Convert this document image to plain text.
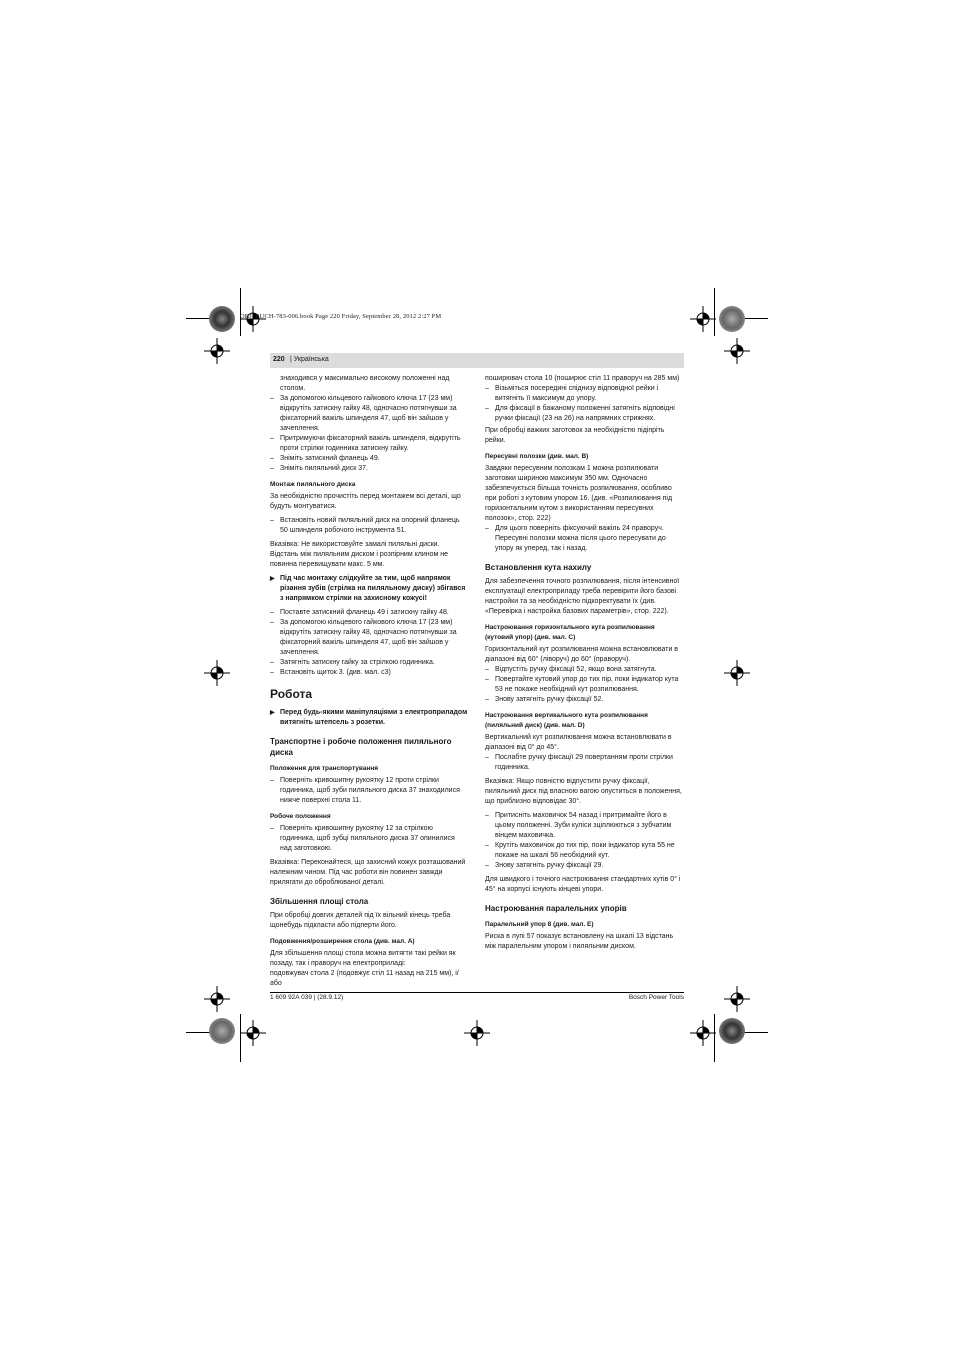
OBJ_BUCH-783-006.book Page 220 Friday, September 28, 2012 2:27 PM
220 | Українська

знаходився у максимально високому положенні над столом.

– За допомогою кільцевого гайкового ключа 17 (23 мм) відкрутіть затискну гайку 48, одночасно потягнувши за фіксаторний важіль шпинделя 47, щоб він зайшов у зачеплення.
– Притримуючи фіксаторний важіль шпинделя, відкрутіть проти стрілки годинника затискну гайку.
– Зніміть затискний фланець 49.
– Зніміть пиляльний диск 37.
Монтаж пиляльного диска

За необхідністю прочистіть перед монтажем всі деталі, що будуть монтуватися.

– Встановіть новий пиляльний диск на опорний фланець 50 шпинделя робочого інструмента 51.

Вказівка: Не використовуйте замалі пиляльні диски. Відстань між пиляльним диском і розпірним клином не повинна перевищувати макс. 5 мм.

▶ Під час монтажу слідкуйте за тим, щоб напрямок різання зубів (стрілка на пиляльному диску) збігався з напрямком стрілки на захисному кожусі!
– Поставте затискний фланець 49 і затискну гайку 48.
– За допомогою кільцевого гайкового ключа 17 (23 мм) відкрутіть затискну гайку 48, одночасно потягнувши за фіксаторний важіль шпинделя 47, щоб він зайшов у зачеплення.
– Затягніть затискну гайку за стрілкою годинника.
– Встановіть щиток 3. (див. мал. c3)
Робота
▶ Перед будь-якими маніпуляціями з електроприладом витягніть штепсель з розетки.
Транспортне і робоче положення пиляльного диска
Положення для транспортування
– Поверніть кривошипну рукоятку 12 проти стрілки годинника, щоб зуби пиляльного диска 37 знаходилися нижче поверхні стола 11.
Робоче положення
– Поверніть кривошипну рукоятку 12 за стрілкою годинника, щоб зубці пиляльного диска 37 опинилися над заготовкою.

Вказівка: Переконайтеся, що захисний кожух розташований належним чином. Під час роботи він повинен завжди прилягати до оброблюваної деталі.

Збільшення площі стола

При обробці довгих деталей під їх вільний кінець треба щонебудь підкласти або підперти його.

Подовження/розширення стола (див. мал. A)

Для збільшення площі стола можна витягти такі рейки як позаду, так і праворуч на електроприладі:

подовжувач стола 2 (подовжує стіл 11 назад на 215 мм), і/або

поширювач стола 10 (поширює стіл 11 праворуч на 285 мм)

– Візьміться посередині спіднизу відповідної рейки і витягніть її максимум до упору.
– Для фіксації в бажаному положенні затягніть відповідні ручки фіксації (23 на 26) на напрямних стрижнях.

При обробці важких заготовок за необхідністю підіпріть рейки.

Пересувні полозки (див. мал. B)

Завдяки пересувним полозкам 1 можна розпилювати заготовки шириною максимум 350 мм. Одночасно забезпечується більша точність розпилювання, особливо при роботі з кутовим упором 16. (див. «Розпилювання під горизонтальним кутом з використанням пересувних полозок», стор. 222)

– Для цього поверніть фіксуючий важіль 24 праворуч. Пересувні полозки можна після цього пересувати до упору як уперед, так і назад.
Встановлення кута нахилу

Для забезпечення точного розпилювання, після інтенсивної експлуатації електроприладу треба перевірити його базові настройки та за необхідністю підкоректувати їх (див. «Перевірка і настройка базових параметрів», стор. 222).

Настроювання горизонтального кута розпилювання (кутовий упор) (див. мал. C)

Горизонтальний кут розпилювання можна встановлювати в діапазоні від 60° (ліворуч) до 60° (праворуч).

– Відпустіть ручку фіксації 52, якщо вона затягнута.
– Повертайте кутовий упор до тих пір, поки індикатор кута 53 не покаже необхідний кут розпилювання.
– Знову затягніть ручку фіксації 52.
Настроювання вертикального кута розпилювання (пиляльний диск) (див. мал. D)

Вертикальний кут розпилювання можна встановлювати в діапазоні від 0° до 45°.

– Послабте ручку фіксації 29 повертанням проти стрілки годинника.

Вказівка: Якщо повністю відпустити ручку фіксації, пиляльний диск під власною вагою опуститься в положення, що приблизно відповідає 30°.

– Притисніть маховичок 54 назад і притримайте його в цьому положенні. Зуби куліси зціплюються з зубчатим вінцем маховичка.
– Крутіть маховичок до тих пір, поки індикатор кута 55 не покаже на шкалі 56 необхідний кут.
– Знову затягніть ручку фіксації 29.

Для швидкого і точного настроювання стандартних кутів 0° і 45° на корпусі існують кінцеві упори.

Настроювання паралельних упорів
Паралельний упор 8 (див. мал. E)

Риска в лупі 57 показує встановлену на шкалі 13 відстань між паралельним упором і пиляльним диском.

1 609 92A 039 | (28.9.12)	Bosch Power Tools
